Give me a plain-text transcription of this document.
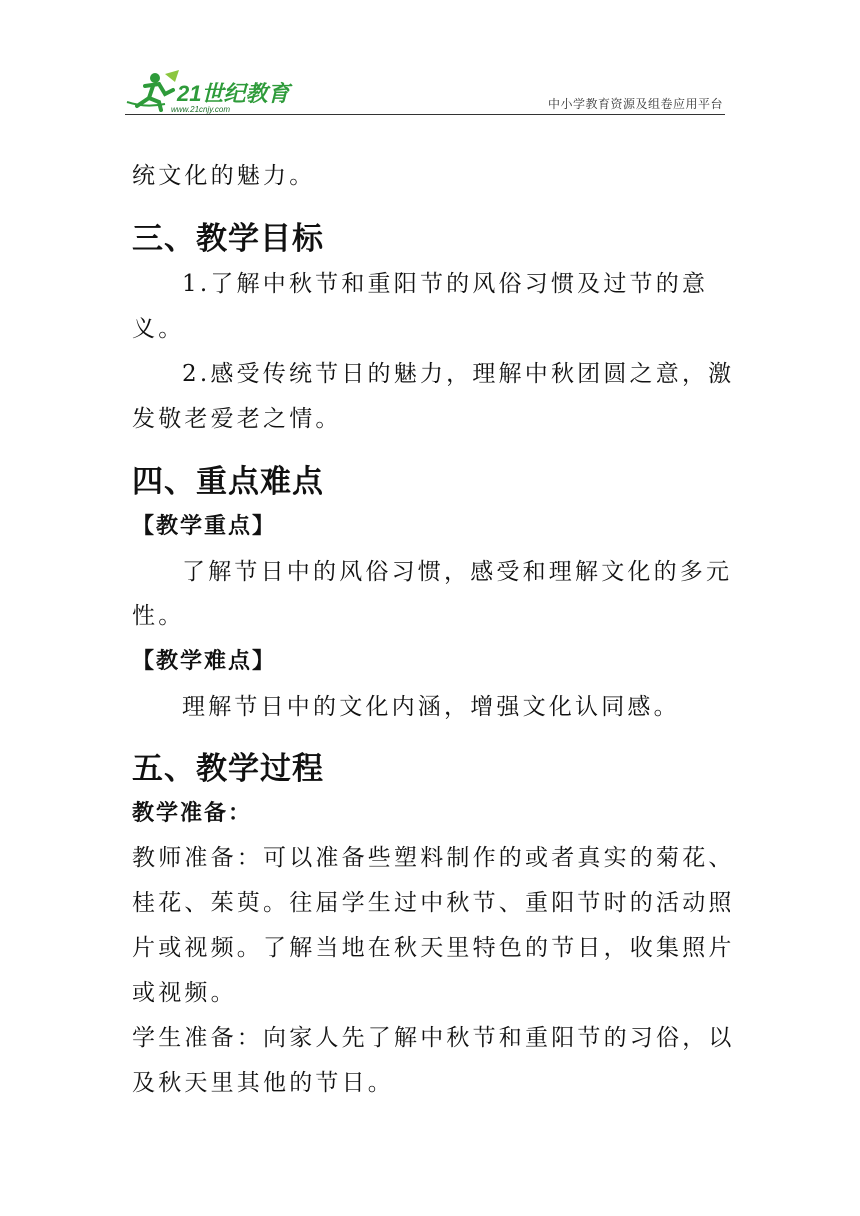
21世纪教育
www.21cnjy.com	中小学教育资源及组卷应用平台
统文化的魅力。
三、教学目标
1.了解中秋节和重阳节的风俗习惯及过节的意
义。
2.感受传统节日的魅力，理解中秋团圆之意，激
发敬老爱老之情。
四、重点难点
【教学重点】
了解节日中的风俗习惯，感受和理解文化的多元
性。
【教学难点】
理解节日中的文化内涵，增强文化认同感。
五、教学过程
教学准备：
教师准备：可以准备些塑料制作的或者真实的菊花、
桂花、茱萸。往届学生过中秋节、重阳节时的活动照
片或视频。了解当地在秋天里特色的节日，收集照片
或视频。
学生准备：向家人先了解中秋节和重阳节的习俗，以
及秋天里其他的节日。
